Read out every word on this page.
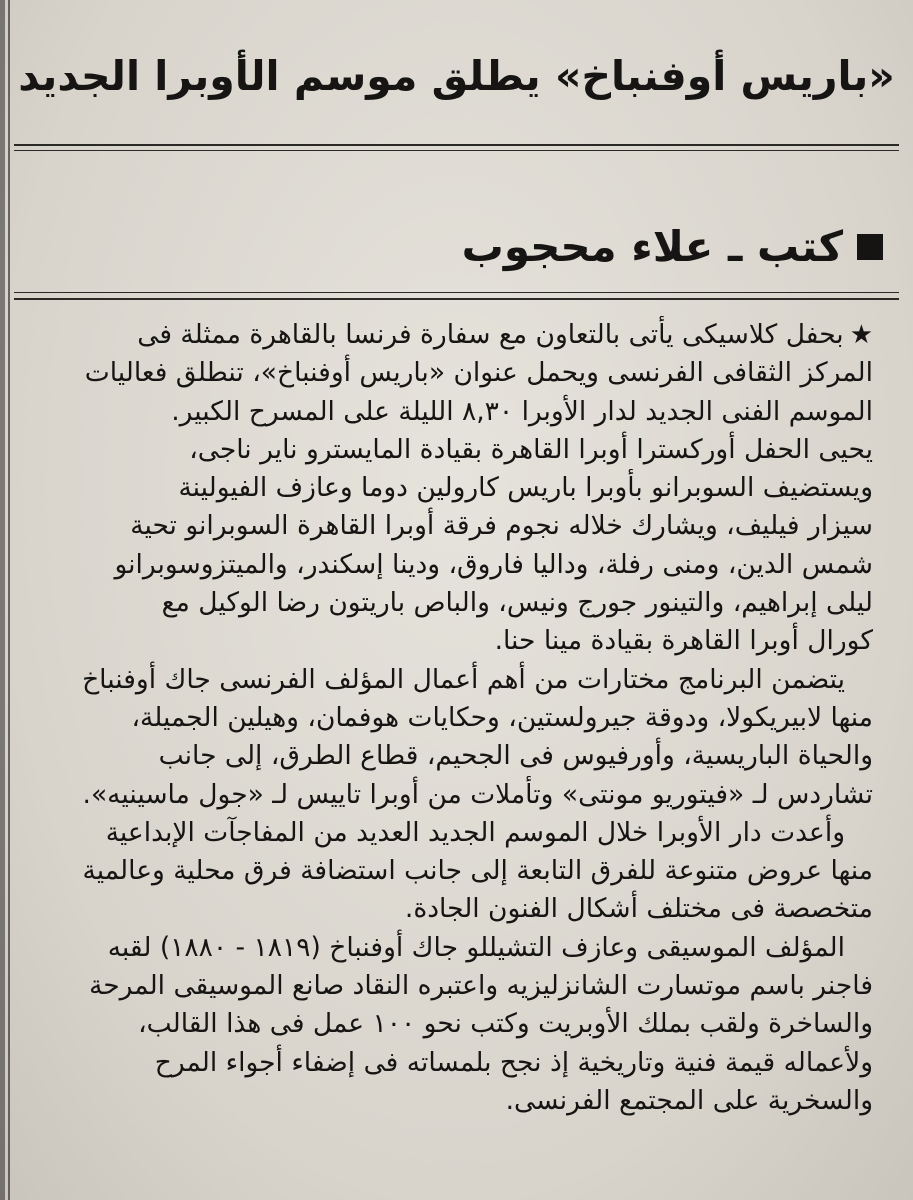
«باريس أوفنباخ» يطلق موسم الأوبرا الجديد
كتب ـ علاء محجوب
★بحفل كلاسيكى يأتى بالتعاون مع سفارة فرنسا بالقاهرة ممثلة فى
المركز الثقافى الفرنسى ويحمل عنوان «باريس أوفنباخ»، تنطلق فعاليات
الموسم الفنى الجديد لدار الأوبرا ٨,٣٠ الليلة على المسرح الكبير.
يحيى الحفل أوركسترا أوبرا القاهرة بقيادة المايسترو ناير ناجى،
ويستضيف السوبرانو بأوبرا باريس كارولين دوما وعازف الفيولينة
سيزار فيليف، ويشارك خلاله نجوم فرقة أوبرا القاهرة السوبرانو تحية
شمس الدين، ومنى رفلة، وداليا فاروق، ودينا إسكندر، والميتزوسوبرانو
ليلى إبراهيم، والتينور جورج ونيس، والباص باريتون رضا الوكيل مع
كورال أوبرا القاهرة بقيادة مينا حنا.
يتضمن البرنامج مختارات من أهم أعمال المؤلف الفرنسى جاك أوفنباخ
منها لابيريكولا، ودوقة جيرولستين، وحكايات هوفمان، وهيلين الجميلة،
والحياة الباريسية، وأورفيوس فى الجحيم، قطاع الطرق، إلى جانب
تشاردس لـ «فيتوريو مونتى» وتأملات من أوبرا تاييس لـ «جول ماسينيه».
وأعدت دار الأوبرا خلال الموسم الجديد العديد من المفاجآت الإبداعية
منها عروض متنوعة للفرق التابعة إلى جانب استضافة فرق محلية وعالمية
متخصصة فى مختلف أشكال الفنون الجادة.
المؤلف الموسيقى وعازف التشيللو جاك أوفنباخ (١٨١٩ - ١٨٨٠) لقبه
فاجنر باسم موتسارت الشانزليزيه واعتبره النقاد صانع الموسيقى المرحة
والساخرة ولقب بملك الأوبريت وكتب نحو ١٠٠ عمل فى هذا القالب،
ولأعماله قيمة فنية وتاريخية إذ نجح بلمساته فى إضفاء أجواء المرح
والسخرية على المجتمع الفرنسى.
